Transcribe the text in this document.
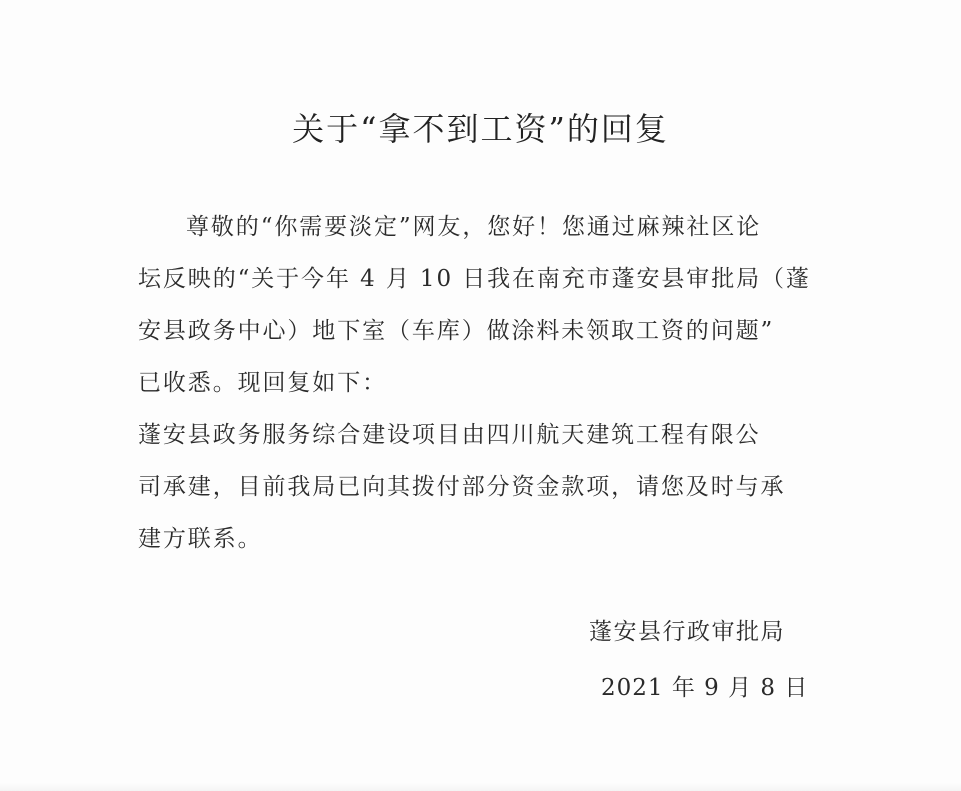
关于“拿不到工资”的回复
尊敬的“你需要淡定”网友，您好！您通过麻辣社区论
坛反映的“关于今年 4 月 10 日我在南充市蓬安县审批局（蓬
安县政务中心）地下室（车库）做涂料未领取工资的问题”
已收悉。现回复如下：
蓬安县政务服务综合建设项目由四川航天建筑工程有限公
司承建，目前我局已向其拨付部分资金款项，请您及时与承
建方联系。
蓬安县行政审批局
2021 年 9 月 8 日
